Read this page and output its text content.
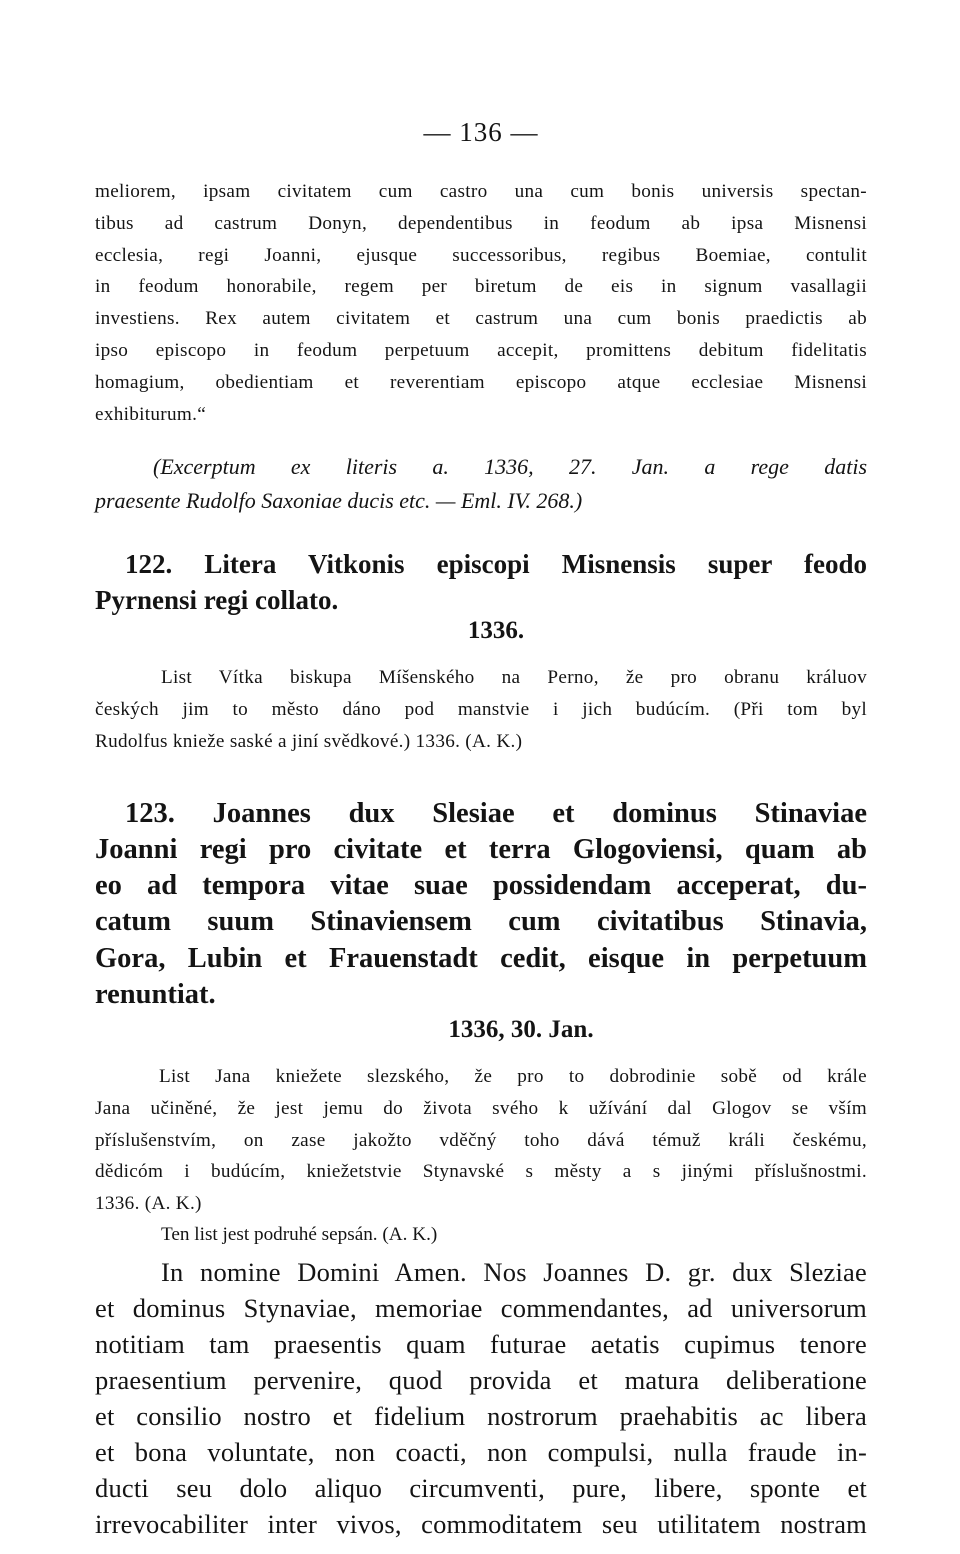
— 136 —
meliorem, ipsam civitatem cum castro una cum bonis universis spectan-
tibus ad castrum Donyn, dependentibus in feodum ab ipsa Misnensi
ecclesia, regi Joanni, ejusque successoribus, regibus Boemiae, contulit
in feodum honorabile, regem per biretum de eis in signum vasallagii
investiens. Rex autem civitatem et castrum una cum bonis praedictis ab
ipso episcopo in feodum perpetuum accepit, promittens debitum fidelitatis
homagium, obedientiam et reverentiam episcopo atque ecclesiae Misnensi
exhibiturum.“
(Excerptum ex literis a. 1336, 27. Jan. a rege datis
praesente Rudolfo Saxoniae ducis etc. — Eml. IV. 268.)
122. Litera Vitkonis episcopi Misnensis super feodo
Pyrnensi regi collato.
1336.
List Vítka biskupa Míšenského na Perno, že pro obranu králuov
českých jim to město dáno pod manstvie i jich budúcím. (Při tom byl
Rudolfus knieže saské a jiní svědkové.) 1336. (A. K.)
123. Joannes dux Slesiae et dominus Stinaviae
Joanni regi pro civitate et terra Glogoviensi, quam ab
eo ad tempora vitae suae possidendam acceperat, du-
catum suum Stinaviensem cum civitatibus Stinavia,
Gora, Lubin et Frauenstadt cedit, eisque in perpetuum
renuntiat.
1336, 30. Jan.
List Jana kniežete slezského, že pro to dobrodinie sobě od krále
Jana učiněné, že jest jemu do života svého k užívání dal Glogov se vším
příslušenstvím, on zase jakožto vděčný toho dává témuž králi českému,
dědicóm i budúcím, kniežetstvie Stynavské s městy a s jinými příslušnostmi.
1336. (A. K.)
Ten list jest podruhé sepsán. (A. K.)
In nomine Domini Amen. Nos Joannes D. gr. dux Sleziae
et dominus Stynaviae, memoriae commendantes, ad universorum
notitiam tam praesentis quam futurae aetatis cupimus tenore
praesentium pervenire, quod provida et matura deliberatione
et consilio nostro et fidelium nostrorum praehabitis ac libera
et bona voluntate, non coacti, non compulsi, nulla fraude in-
ducti seu dolo aliquo circumventi, pure, libere, sponte et
irrevocabiliter inter vivos, commoditatem seu utilitatem nostram
